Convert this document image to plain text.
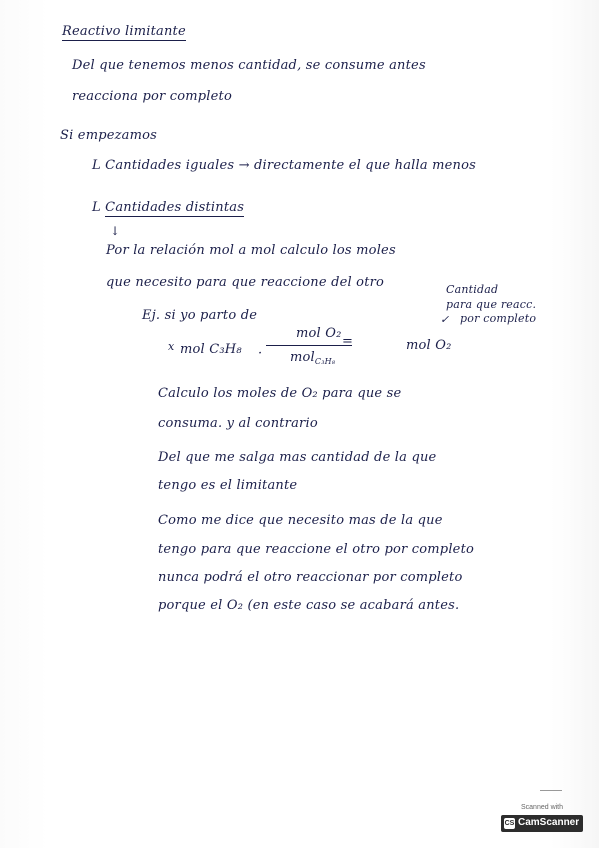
Reactivo limitante
Del que tenemos menos cantidad, se consume antes
reacciona por completo
Si empezamos
L Cantidades iguales → directamente el que halla menos
L Cantidades distintas
↓
Por la relación mol a mol calculo los moles
que necesito para que reaccione del otro	Cantidad
para que reacc.
✓ por completo
Ej. si yo parto de
x mol C₃H₈ ·
mol O₂
mol$_{C_3H_8}$
=	mol O₂
Calculo los moles de O₂ para que se
consuma. y al contrario
Del que me salga mas cantidad de la que
tengo es el limitante
Como me dice que necesito mas de la que
tengo para que reaccione el otro por completo
nunca podrá el otro reaccionar por completo
porque el O₂ (en este caso se acabará antes.
Scanned with
CS CamScanner
